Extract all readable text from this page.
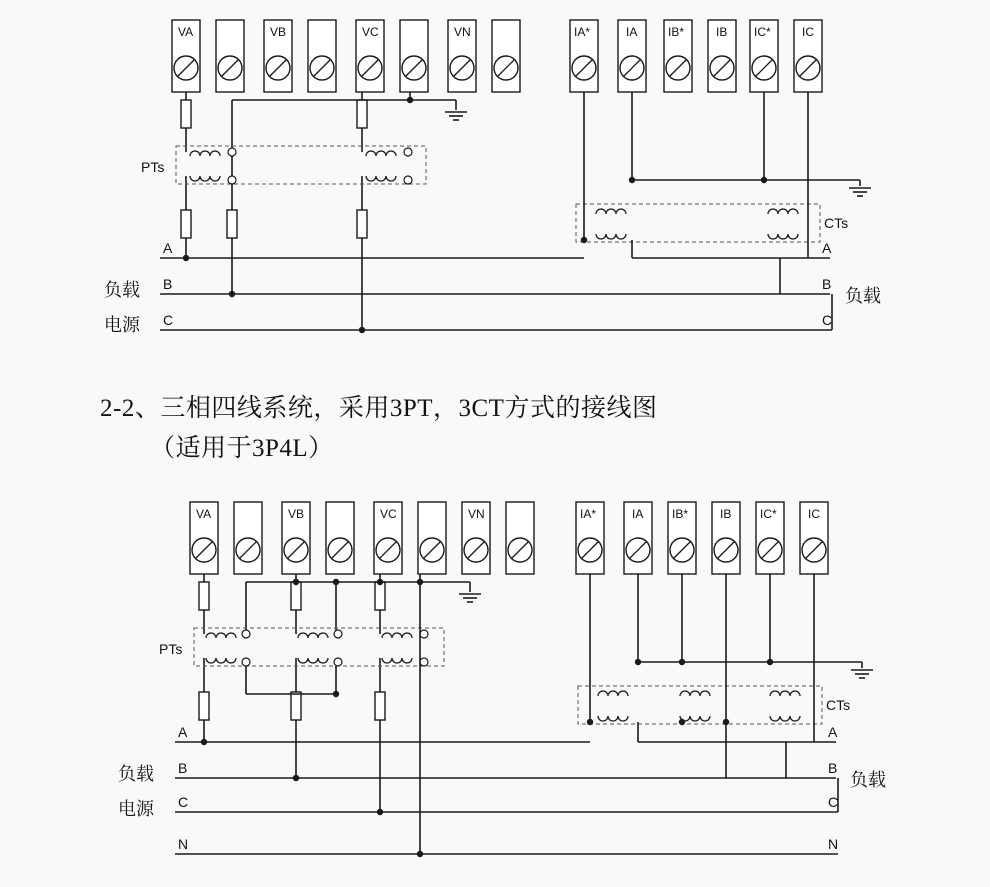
VA	VB	VC	VN	IA*	IA	IB*	IB IC*	IC
PTs
CTs
A
B
C
A
B
C
负载
电源
负载
VA	VB	VC	VN	IA*	IA IB*	IB IC*	IC
PTs
CTs
A
B
C
N
A
B
C
N
负载
电源
负载
2-2、三相四线系统，采用3PT，3CT方式的接线图
（适用于3P4L）
